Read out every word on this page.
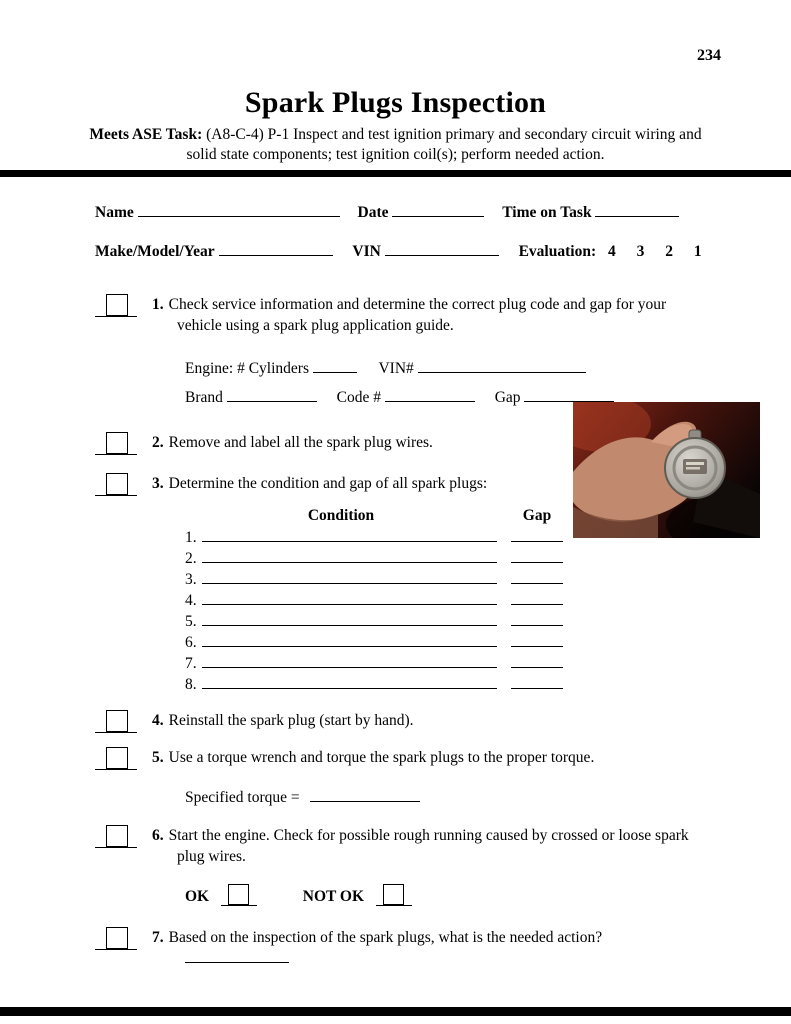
234
Spark Plugs Inspection

Meets ASE Task: (A8-C-4) P-1 Inspect and test ignition primary and secondary circuit wiring and solid state components; test ignition coil(s); perform needed action.

Name	Date	Time on Task
Make/Model/Year	VIN	Evaluation: 4 3 2 1
1. Check service information and determine the correct plug code and gap for your vehicle using a spark plug application guide.
Engine: # Cylinders	VIN#
Brand	Code #	Gap
2. Remove and label all the spark plug wires.
3. Determine the condition and gap of all spark plugs:
Condition	Gap
1.
2.
3.
4.
5.
6.
7.
8.
4. Reinstall the spark plug (start by hand).
5. Use a torque wrench and torque the spark plugs to the proper torque.
Specified torque =
6. Start the engine. Check for possible rough running caused by crossed or loose spark plug wires.
OK	NOT OK
7. Based on the inspection of the spark plugs, what is the needed action?
